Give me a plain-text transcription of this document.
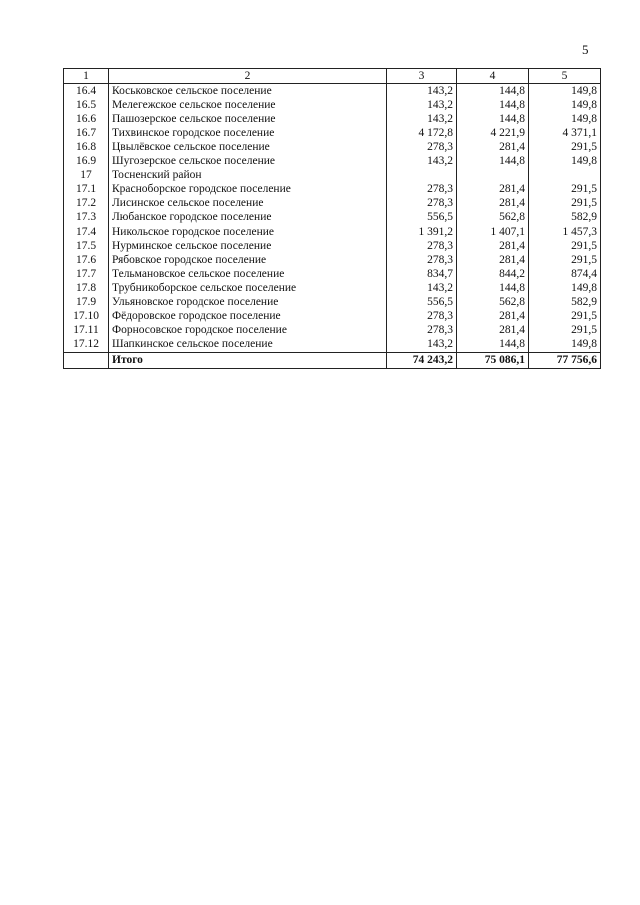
5
1	2	3	4	5
16.4	Коськовское сельское поселение	143,2	144,8	149,8
16.5	Мелегежское сельское поселение	143,2	144,8	149,8
16.6	Пашозерское сельское поселение	143,2	144,8	149,8
16.7	Тихвинское городское поселение	4 172,8	4 221,9	4 371,1
16.8	Цвылёвское сельское поселение	278,3	281,4	291,5
16.9	Шугозерское сельское поселение	143,2	144,8	149,8
17	Тосненский район			
17.1	Красноборское городское поселение	278,3	281,4	291,5
17.2	Лисинское сельское поселение	278,3	281,4	291,5
17.3	Любанское городское поселение	556,5	562,8	582,9
17.4	Никольское городское поселение	1 391,2	1 407,1	1 457,3
17.5	Нурминское сельское поселение	278,3	281,4	291,5
17.6	Рябовское городское поселение	278,3	281,4	291,5
17.7	Тельмановское сельское поселение	834,7	844,2	874,4
17.8	Трубникоборское сельское поселение	143,2	144,8	149,8
17.9	Ульяновское городское поселение	556,5	562,8	582,9
17.10	Фёдоровское городское поселение	278,3	281,4	291,5
17.11	Форносовское городское поселение	278,3	281,4	291,5
17.12	Шапкинское сельское поселение	143,2	144,8	149,8
	Итого	74 243,2	75 086,1	77 756,6
